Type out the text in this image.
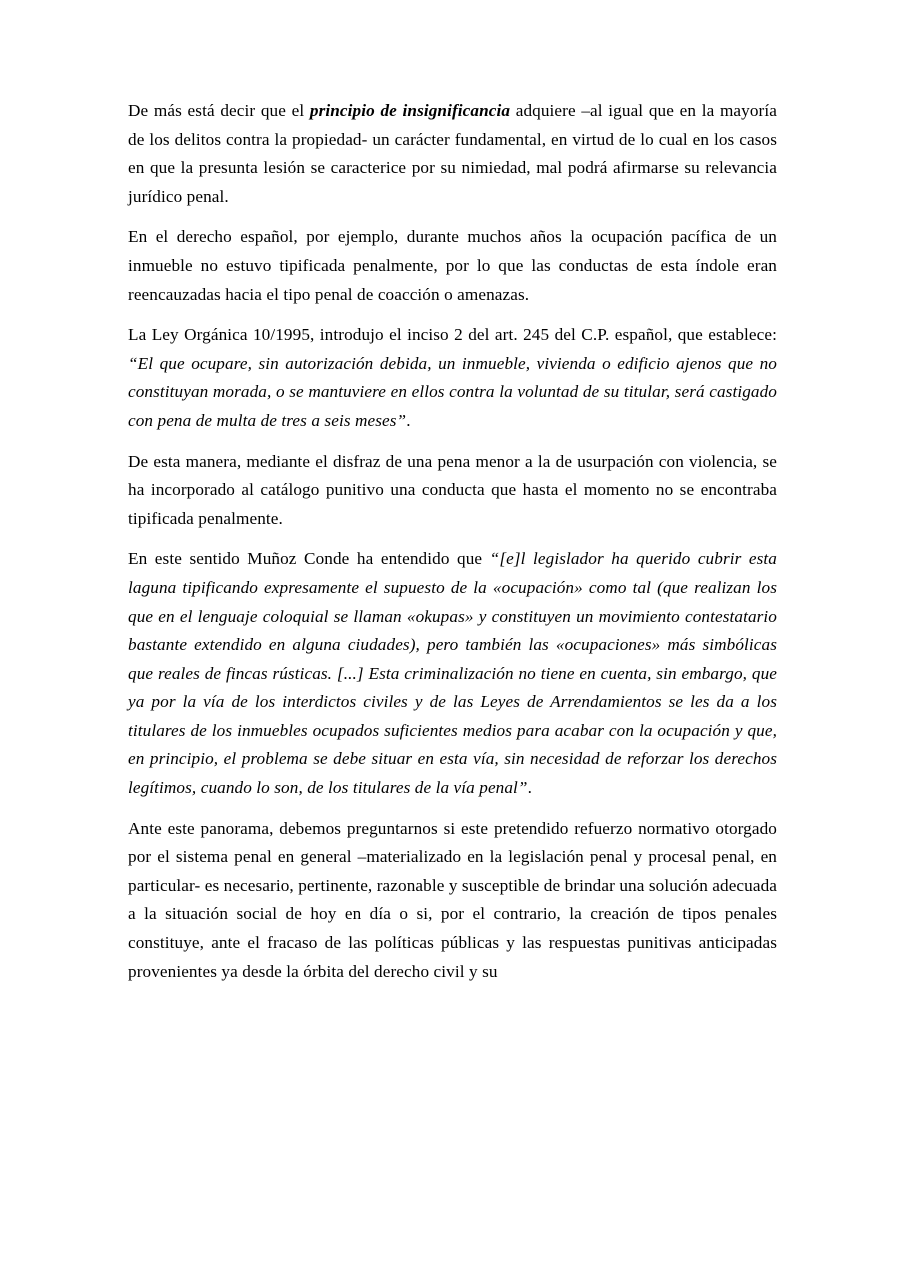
De más está decir que el principio de insignificancia adquiere –al igual que en la mayoría de los delitos contra la propiedad- un carácter fundamental, en virtud de lo cual en los casos en que la presunta lesión se caracterice por su nimiedad, mal podrá afirmarse su relevancia jurídico penal.

En el derecho español, por ejemplo, durante muchos años la ocupación pacífica de un inmueble no estuvo tipificada penalmente, por lo que las conductas de esta índole eran reencauzadas hacia el tipo penal de coacción o amenazas.

La Ley Orgánica 10/1995, introdujo el inciso 2 del art. 245 del C.P. español, que establece: “El que ocupare, sin autorización debida, un inmueble, vivienda o edificio ajenos que no constituyan morada, o se mantuviere en ellos contra la voluntad de su titular, será castigado con pena de multa de tres a seis meses”.

De esta manera, mediante el disfraz de una pena menor a la de usurpación con violencia, se ha incorporado al catálogo punitivo una conducta que hasta el momento no se encontraba tipificada penalmente.

En este sentido Muñoz Conde ha entendido que “[e]l legislador ha querido cubrir esta laguna tipificando expresamente el supuesto de la «ocupación» como tal (que realizan los que en el lenguaje coloquial se llaman «okupas» y constituyen un movimiento contestatario bastante extendido en alguna ciudades), pero también las «ocupaciones» más simbólicas que reales de fincas rústicas. [...] Esta criminalización no tiene en cuenta, sin embargo, que ya por la vía de los interdictos civiles y de las Leyes de Arrendamientos se les da a los titulares de los inmuebles ocupados suficientes medios para acabar con la ocupación y que, en principio, el problema se debe situar en esta vía, sin necesidad de reforzar los derechos legítimos, cuando lo son, de los titulares de la vía penal”.

Ante este panorama, debemos preguntarnos si este pretendido refuerzo normativo otorgado por el sistema penal en general –materializado en la legislación penal y procesal penal, en particular- es necesario, pertinente, razonable y susceptible de brindar una solución adecuada a la situación social de hoy en día o si, por el contrario, la creación de tipos penales constituye, ante el fracaso de las políticas públicas y las respuestas punitivas anticipadas provenientes ya desde la órbita del derecho civil y su
